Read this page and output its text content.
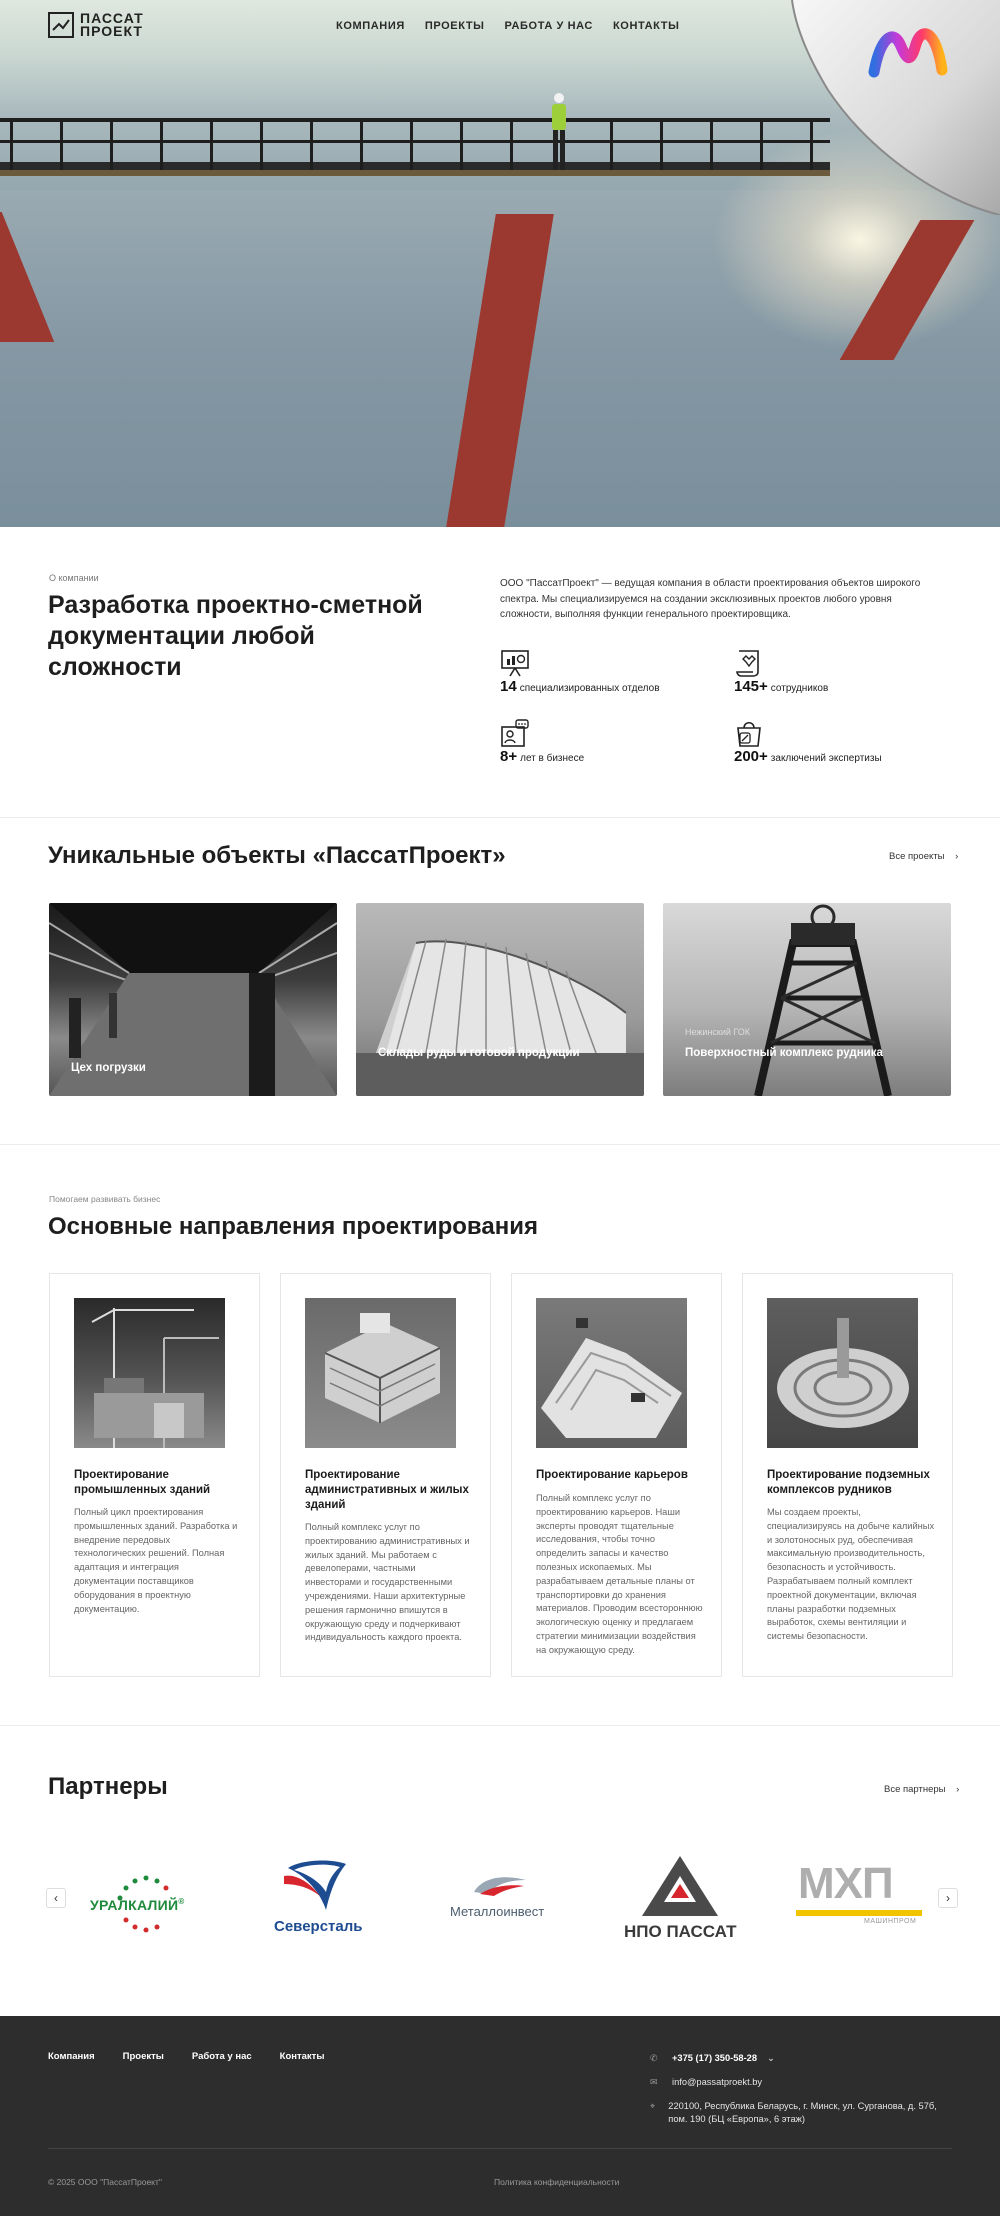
ПАССАТ
ПРОЕКТ	КОМПАНИЯ ПРОЕКТЫ РАБОТА У НАС КОНТАКТЫ
О компании
Разработка проектно-сметной документации любой сложности

ООО "ПассатПроект" — ведущая компания в области проектирования объектов широкого спектра. Мы специализируемся на создании эксклюзивных проектов любого уровня сложности, выполняя функции генерального проектировщика.

14 специализированных отделов	145+ сотрудников
8+ лет в бизнесе	200+ заключений экспертизы
Уникальные объекты «ПассатПроект»	Все проекты ›
Цех погрузки
Склады руды и готовой продукции
Нежинский ГОК
Поверхностный комплекс рудника
Помогаем развивать бизнес
Основные направления проектирования
Проектирование промышленных зданий
Полный цикл проектирования промышленных зданий. Разработка и внедрение передовых технологических решений. Полная адаптация и интеграция документации поставщиков оборудования в проектную документацию.
Проектирование административных и жилых зданий
Полный комплекс услуг по проектированию административных и жилых зданий. Мы работаем с девелоперами, частными инвесторами и государственными учреждениями. Наши архитектурные решения гармонично впишутся в окружающую среду и подчеркивают индивидуальность каждого проекта.
Проектирование карьеров
Полный комплекс услуг по проектированию карьеров. Наши эксперты проводят тщательные исследования, чтобы точно определить запасы и качество полезных ископаемых. Мы разрабатываем детальные планы от транспортировки до хранения материалов. Проводим всестороннюю экологическую оценку и предлагаем стратегии минимизации воздействия на окружающую среду.
Проектирование подземных комплексов рудников
Мы создаем проекты, специализируясь на добыче калийных и золотоносных руд, обеспечивая максимальную производительность, безопасность и устойчивость. Разрабатываем полный комплект проектной документации, включая планы разработки подземных выработок, схемы вентиляции и системы безопасности.
Партнеры	Все партнеры ›
‹	›
УРАЛКАЛИЙ®
Северсталь
Металлоинвест
НПО ПАССАТ
МХП
МАШИНПРОМ
Компания	Проекты	Работа у нас	Контакты	✆	+375 (17) 350-58-28 ⌄
✉	info@passatproekt.by
⌖	220100, Республика Беларусь, г. Минск, ул. Сурганова, д. 57б, пом. 190 (БЦ «Европа», 6 этаж)
© 2025 ООО "ПассатПроект"	Политика конфиденциальности
